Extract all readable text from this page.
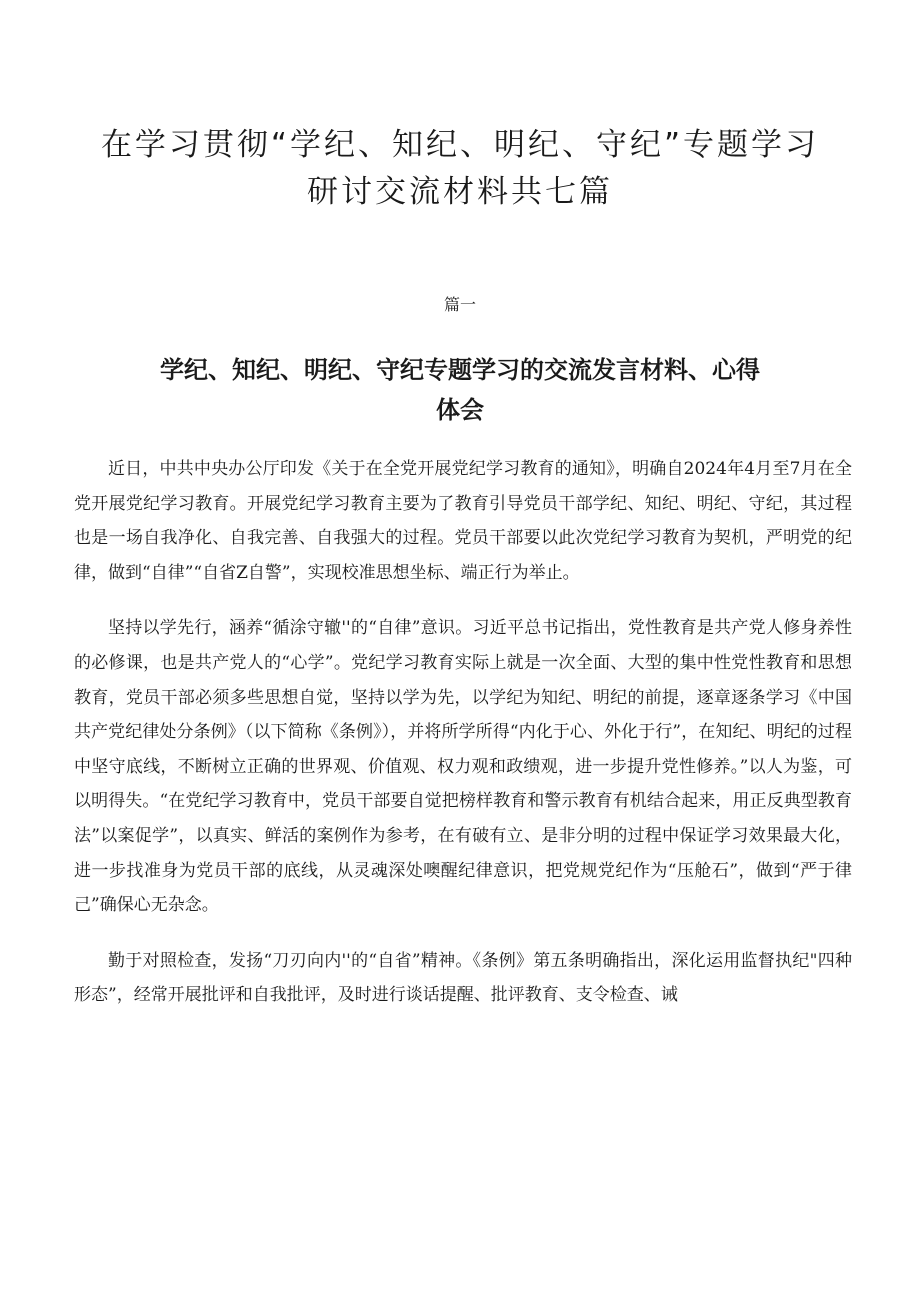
在学习贯彻“学纪、知纪、明纪、守纪”专题学习
研讨交流材料共七篇
篇一
学纪、知纪、明纪、守纪专题学习的交流发言材料、心得
体会

近日，中共中央办公厅印发《关于在全党开展党纪学习教育的通知》，明确自2024年4月至7月在全党开展党纪学习教育。开展党纪学习教育主要为了教育引导党员干部学纪、知纪、明纪、守纪，其过程也是一场自我净化、自我完善、自我强大的过程。党员干部要以此次党纪学习教育为契机，严明党的纪律，做到“自律”“自省Z自警”，实现校准思想坐标、端正行为举止。

坚持以学先行，涵养“循涂守辙''的“自律”意识。习近平总书记指出，党性教育是共产党人修身养性的必修课，也是共产党人的“心学”。党纪学习教育实际上就是一次全面、大型的集中性党性教育和思想教育，党员干部必须多些思想自觉，坚持以学为先，以学纪为知纪、明纪的前提，逐章逐条学习《中国共产党纪律处分条例》（以下简称《条例》），并将所学所得“内化于心、外化于行”，在知纪、明纪的过程中坚守底线，不断树立正确的世界观、价值观、权力观和政缋观，进一步提升党性修养。”以人为鉴，可以明得失。“在党纪学习教育中，党员干部要自觉把榜样教育和警示教育有机结合起来，用正反典型教育法”以案促学”，以真实、鲜活的案例作为参考，在有破有立、是非分明的过程中保证学习效果最大化，进一步找准身为党员干部的底线，从灵魂深处噢醒纪律意识，把党规党纪作为“压舱石”，做到“严于律己”确保心无杂念。

勤于对照检查，发扬“刀刃向内''的“自省”精神。《条例》第五条明确指出，深化运用监督执纪"四种形态”，经常开展批评和自我批评，及时进行谈话提醒、批评教育、支令检查、诫
